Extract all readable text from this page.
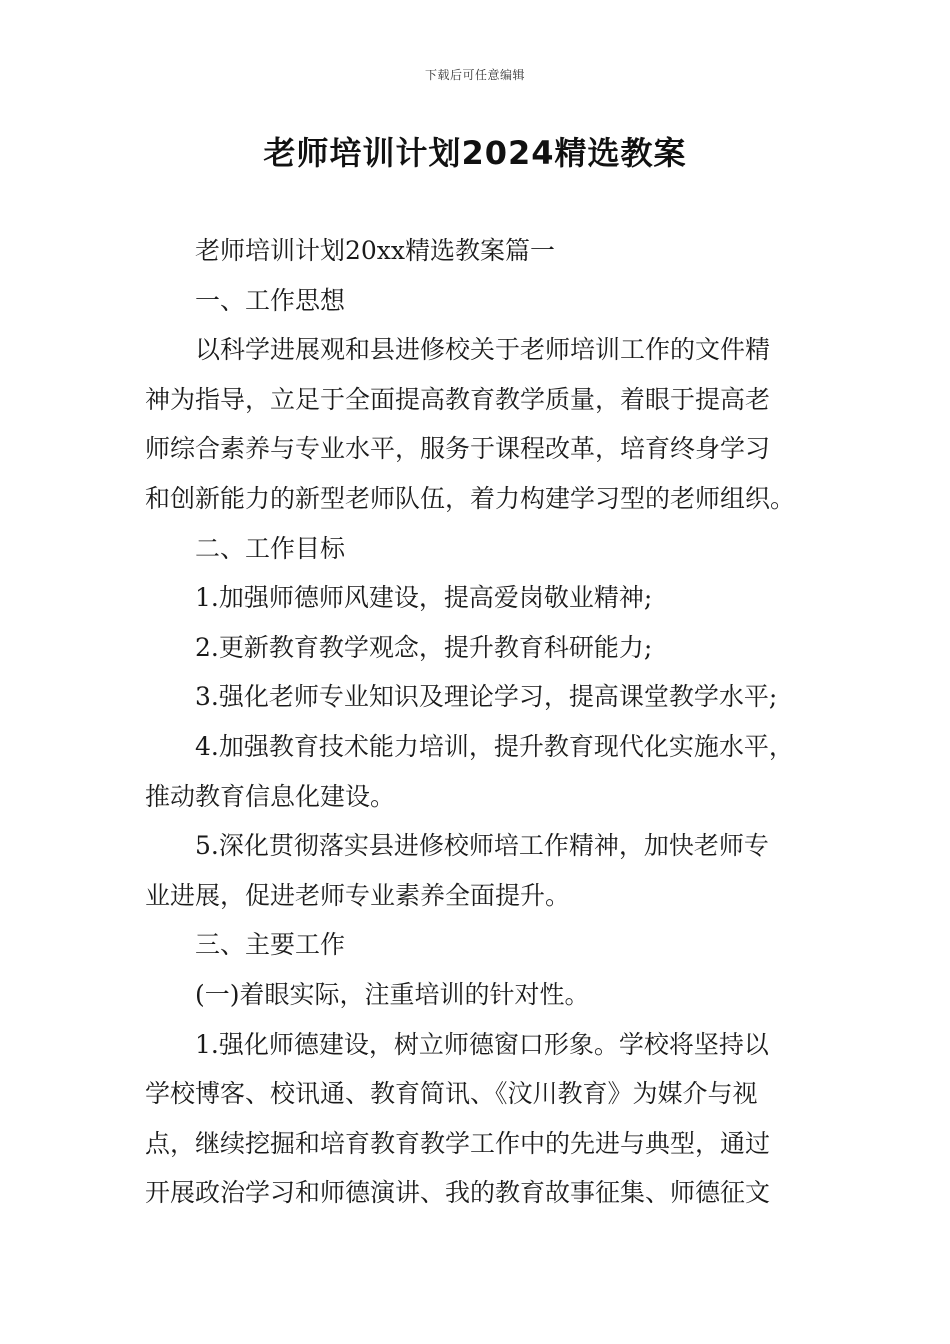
下载后可任意编辑
老师培训计划2024精选教案

老师培训计划20xx精选教案篇一

一、工作思想

以科学进展观和县进修校关于老师培训工作的文件精

神为指导，立足于全面提高教育教学质量，着眼于提高老

师综合素养与专业水平，服务于课程改革，培育终身学习

和创新能力的新型老师队伍，着力构建学习型的老师组织。

二、工作目标

1.加强师德师风建设，提高爱岗敬业精神;

2.更新教育教学观念，提升教育科研能力;

3.强化老师专业知识及理论学习，提高课堂教学水平;

4.加强教育技术能力培训，提升教育现代化实施水平，

推动教育信息化建设。

5.深化贯彻落实县进修校师培工作精神，加快老师专

业进展，促进老师专业素养全面提升。

三、主要工作

(一)着眼实际，注重培训的针对性。

1.强化师德建设，树立师德窗口形象。学校将坚持以

学校博客、校讯通、教育简讯、《汶川教育》为媒介与视

点，继续挖掘和培育教育教学工作中的先进与典型，通过

开展政治学习和师德演讲、我的教育故事征集、师德征文
